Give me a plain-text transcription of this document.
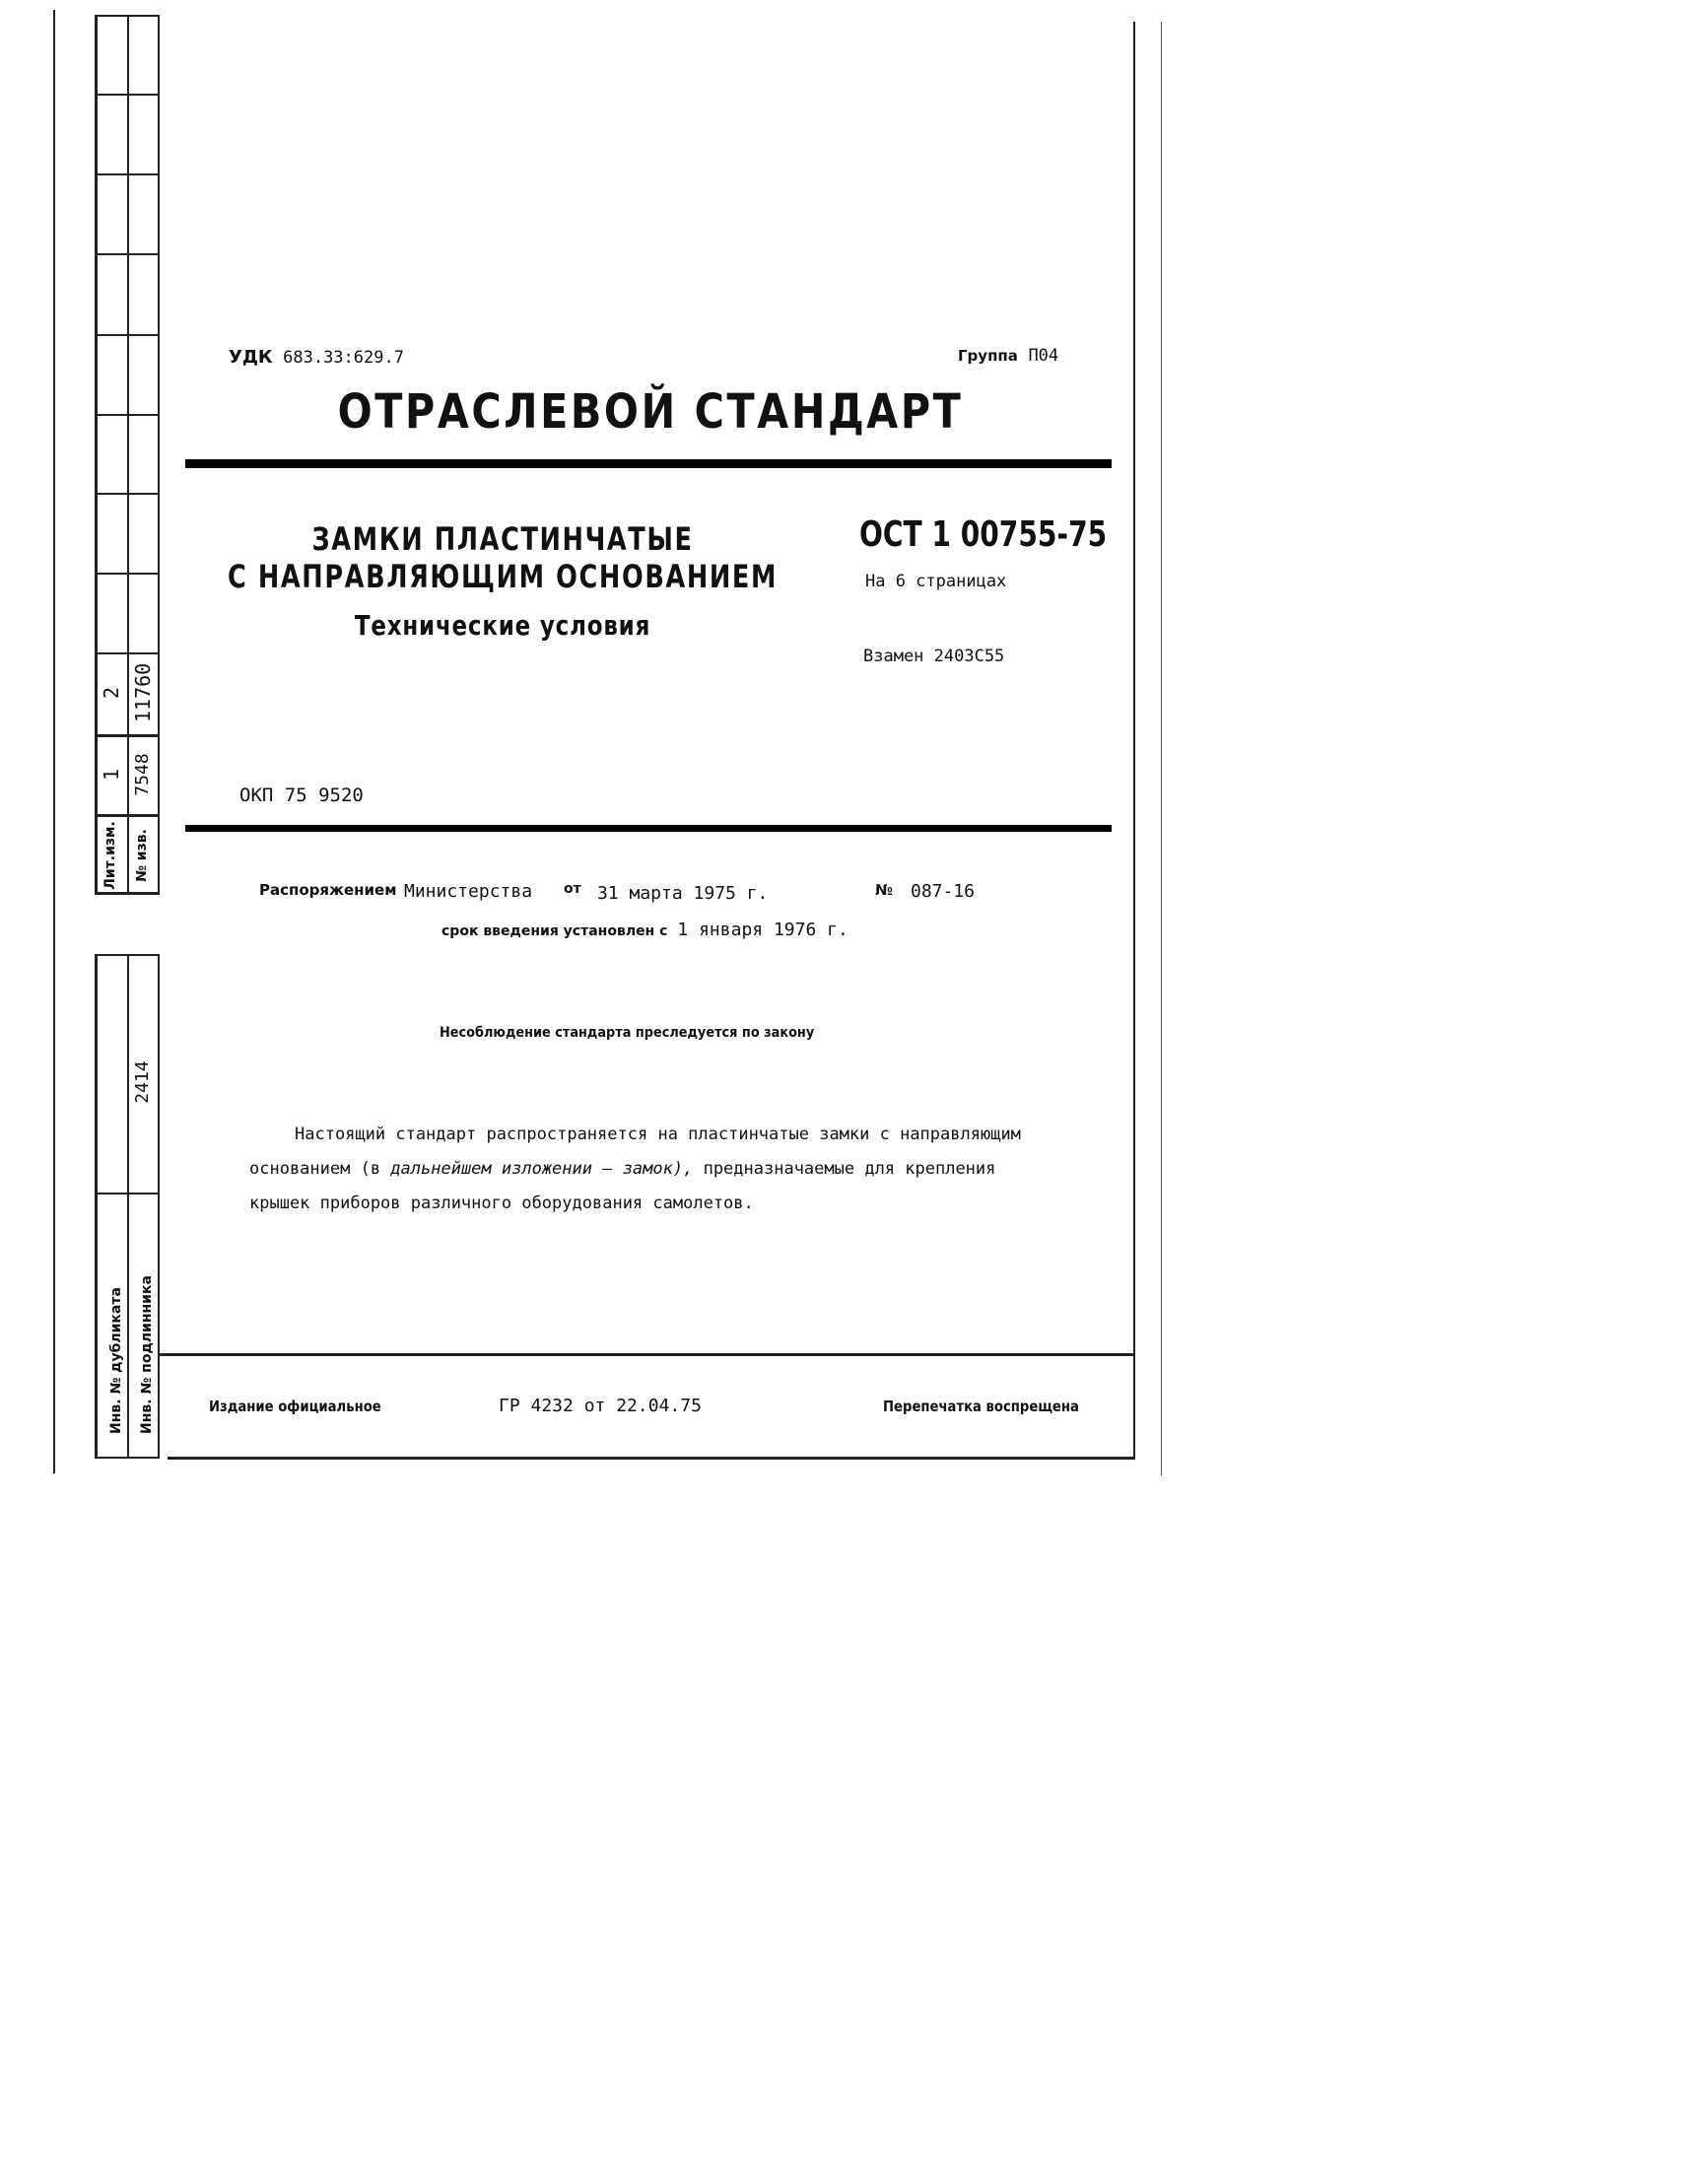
2 11760
1 7548
Лит.изм. № изв.
2414
Инв. № дубликата Инв. № подлинника
УДК 683.33:629.7	Группа П04
ОТРАСЛЕВОЙ СТАНДАРТ
ЗАМКИ ПЛАСТИНЧАТЫЕ
С НАПРАВЛЯЮЩИМ ОСНОВАНИЕМ
Технические условия
ОСТ 1 00755-75
На 6 страницах
Взамен 2403С55
ОКП 75 9520
Распоряжением Министерства от 31 марта 1975 г.	№ 087-16
срок введения установлен с 1 января 1976 г.
Несоблюдение стандарта преследуется по закону
Настоящий стандарт распространяется на пластинчатые замки с направляющим
основанием (в дальнейшем изложении – замок), предназначаемые для крепления
крышек приборов различного оборудования самолетов.
Издание официальное	ГР 4232 от 22.04.75	Перепечатка воспрещена
